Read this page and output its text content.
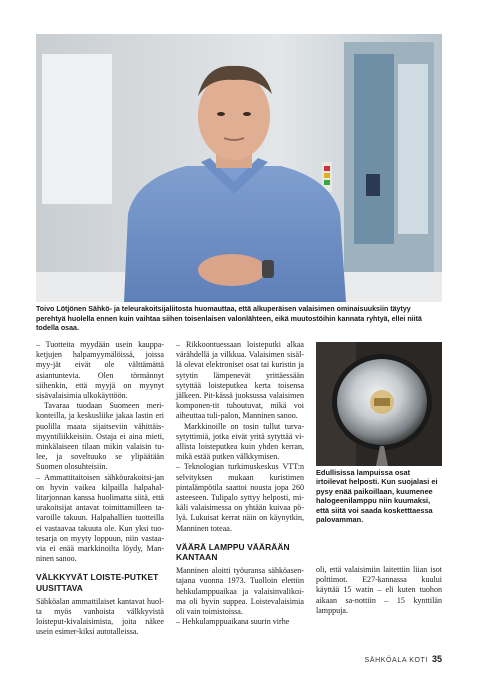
Toivo Lötjönen Sähkö- ja teleurakoitsijaliitosta huomauttaa, että alkuperäisen valaisimen ominaisuuksiin täytyy perehtyä huolella ennen kuin vaihtaa siihen toisenlaisen valonlähteen, eikä muutostöihin kannata ryhtyä, ellei niitä todella osaa.

– Tuotteita myydään usein kauppa-ketjujen halpamyymälöissä, joissa myy-jät eivät ole välttämättä asiantuntevia. Olen törmännyt siihenkin, että myyjä on myynyt sisävalaisimia ulkokäyttöön.

Tavaraa tuodaan Suomeen meri-konteilla, ja keskusliike jakaa lastin eri puolilla maata sijaitseviin vähittäis-myyntiliikkeisiin. Ostaja ei aina mieti, minkälaiseen tilaan mikin valaisin tu-lee, ja soveltuuko se ylipäätään Suomen olosuhteisiin.

– Ammattitaitoisen sähköurakoitsi-jan on hyvin vaikea kilpailla halpahal-litarjonnan kanssa huolimatta siitä, että urakoitsijat antavat toimittamilleen ta-varoille takuun. Halpahallien tuotteilla ei vastaavaa takuuta ole. Kun yksi tuo-tesarja on myyty loppuun, niin vastaa-via ei enää markkinoilta löydy, Man-ninen sanoo.

VÄLKKYVÄT LOISTE-PUTKET UUSITTAVA

Sähköalan ammattilaiset kantavat huol-ta myös vanhoista välkkyvistä loisteput-kivalaisimista, joita näkee usein esimer-kiksi autotalleissa.

– Rikkoontuessaan loisteputki alkaa värähdellä ja vilkkua. Valaisimen sisäl-lä olevat elektroniset osat tai kuristin ja sytytin lämpenevät yrittäessään sytyttää loisteputkea kerta toisensa jälkeen. Pit-kässä juoksussa valaisimen komponen-tit tuhoutuvat, mikä voi aiheuttaa tuli-palon, Manninen sanoo.

Markkinoille on tosin tullut turva-sytyttimiä, jotka eivät yritä sytyttää vi-allista loisteputkea kuin yhden kerran, mikä estää putken välkkymisen.

– Teknologian turkimuskeskus VTT:n selvityksen mukaan kuristimen pintalämpötila saattoi nousta jopa 260 asteeseen. Tulipalo syttyy helposti, mi-käli valaisimessa on yhtään kuivaa pö-lyä. Lukuisat kerrat näin on käynytkin, Manninen toteaa.

VÄÄRÄ LAMPPU VÄÄRÄÄN KANTAAN

Manninen aloitti työuransa sähköasen-tajana vuonna 1973. Tuolloin elettiin hehkulamppuaikaa ja valaisinvalikoi-ma oli hyvin suppea. Loistevalaisimia oli vain toimistoissa.

– Hehkulamppuaikana suurin virhe

Edullisissa lampuissa osat irtoilevat helposti. Kun suojalasi ei pysy enää paikoillaan, kuumenee halogeenilamppu niin kuumaksi, että siitä voi saada kosketttaessa palovamman.

oli, että valaisimiin laitettiin liian isot polttimot. E27-kannassa kuului käyttää 15 watin – eli kuten tuohon aikaan sa-nottiin – 15 kynttilän lamppuja.

SÄHKÖALA KOTI 35
